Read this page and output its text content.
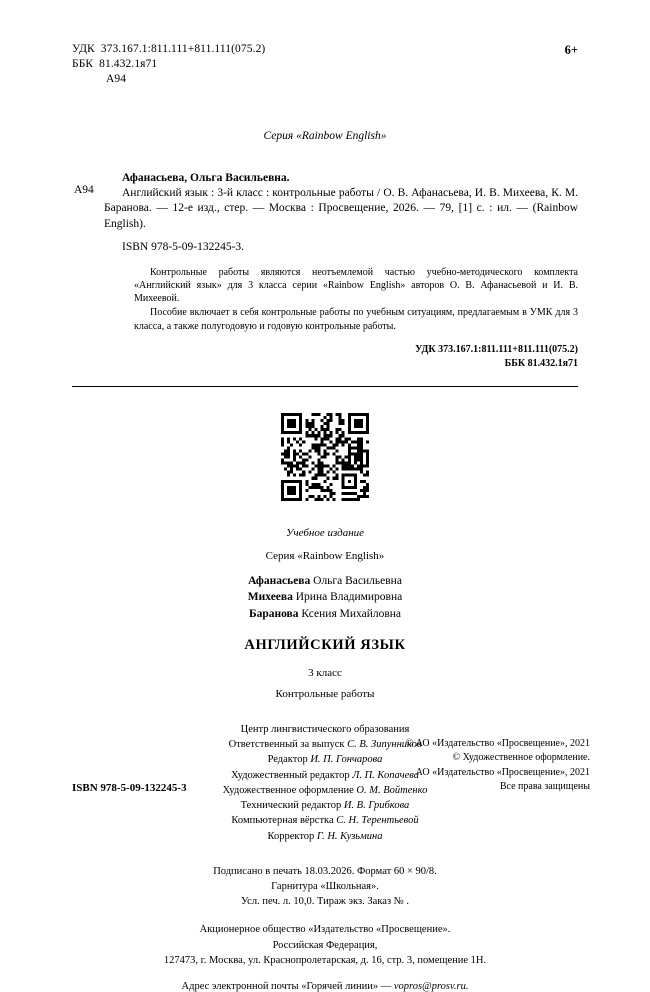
УДК  373.167.1:811.111+811.111(075.2)
ББК  81.432.1я71
А94
6+
Серия «Rainbow English»
А94
Афанасьева, Ольга Васильевна.
Английский язык : 3-й класс : контрольные работы / О. В. Афанасьева, И. В. Михеева, К. М. Баранова. — 12-е изд., стер. — Москва : Просвещение, 2026. — 79, [1] с. : ил. — (Rainbow English).
ISBN 978-5-09-132245-3.

Контрольные работы являются неотъемлемой частью учебно-методического комплекта «Английский язык» для 3 класса серии «Rainbow English» авторов О. В. Афанасьевой и И. В. Михеевой.

Пособие включает в себя контрольные работы по учебным ситуациям, предлагаемым в УМК для 3 класса, а также полугодовую и годовую контрольные работы.

УДК 373.167.1:811.111+811.111(075.2)
ББК 81.432.1я71
Учебное издание
Серия «Rainbow English»
Афанасьева Ольга Васильевна
Михеева Ирина Владимировна
Баранова Ксения Михайловна
АНГЛИЙСКИЙ ЯЗЫК
3 класс
Контрольные работы
Центр лингвистического образования
Ответственный за выпуск С. В. Зипунников
Редактор И. П. Гончарова
Художественный редактор Л. П. Копачева
Художественное оформление О. М. Войтенко
Технический редактор И. В. Грибкова
Компьютерная вёрстка С. Н. Терентьевой
Корректор Г. Н. Кузьмина
Подписано в печать 18.03.2026. Формат 60 × 90/8.
Гарнитура «Школьная».
Усл. печ. л. 10,0. Тираж экз. Заказ № .
Акционерное общество «Издательство «Просвещение».
Российская Федерация,
127473, г. Москва, ул. Краснопролетарская, д. 16, стр. 3, помещение 1Н.
Адрес электронной почты «Горячей линии» — vopros@prosv.ru.
ISBN 978-5-09-132245-3
© АО «Издательство «Просвещение», 2021
© Художественное оформление.
АО «Издательство «Просвещение», 2021
Все права защищены
